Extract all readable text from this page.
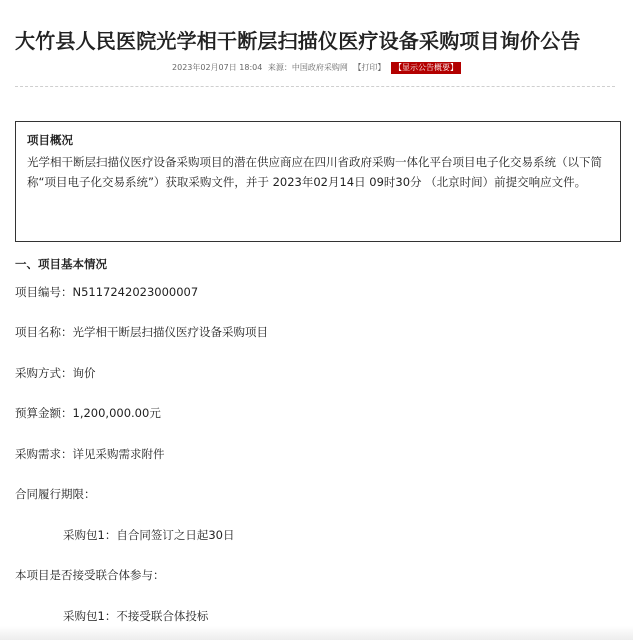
大竹县人民医院光学相干断层扫描仪医疗设备采购项目询价公告
2023年02月07日 18:04 来源：中国政府采购网 【打印】 【显示公告概要】
项目概况
光学相干断层扫描仪医疗设备采购项目的潜在供应商应在四川省政府采购一体化平台项目电子化交易系统（以下简称“项目电子化交易系统”）获取采购文件，并于 2023年02月14日 09时30分 （北京时间）前提交响应文件。
一、项目基本情况
项目编号：N5117242023000007
项目名称：光学相干断层扫描仪医疗设备采购项目
采购方式：询价
预算金额：1,200,000.00元
采购需求：详见采购需求附件
合同履行期限：
采购包1：自合同签订之日起30日
本项目是否接受联合体参与：
采购包1：不接受联合体投标
